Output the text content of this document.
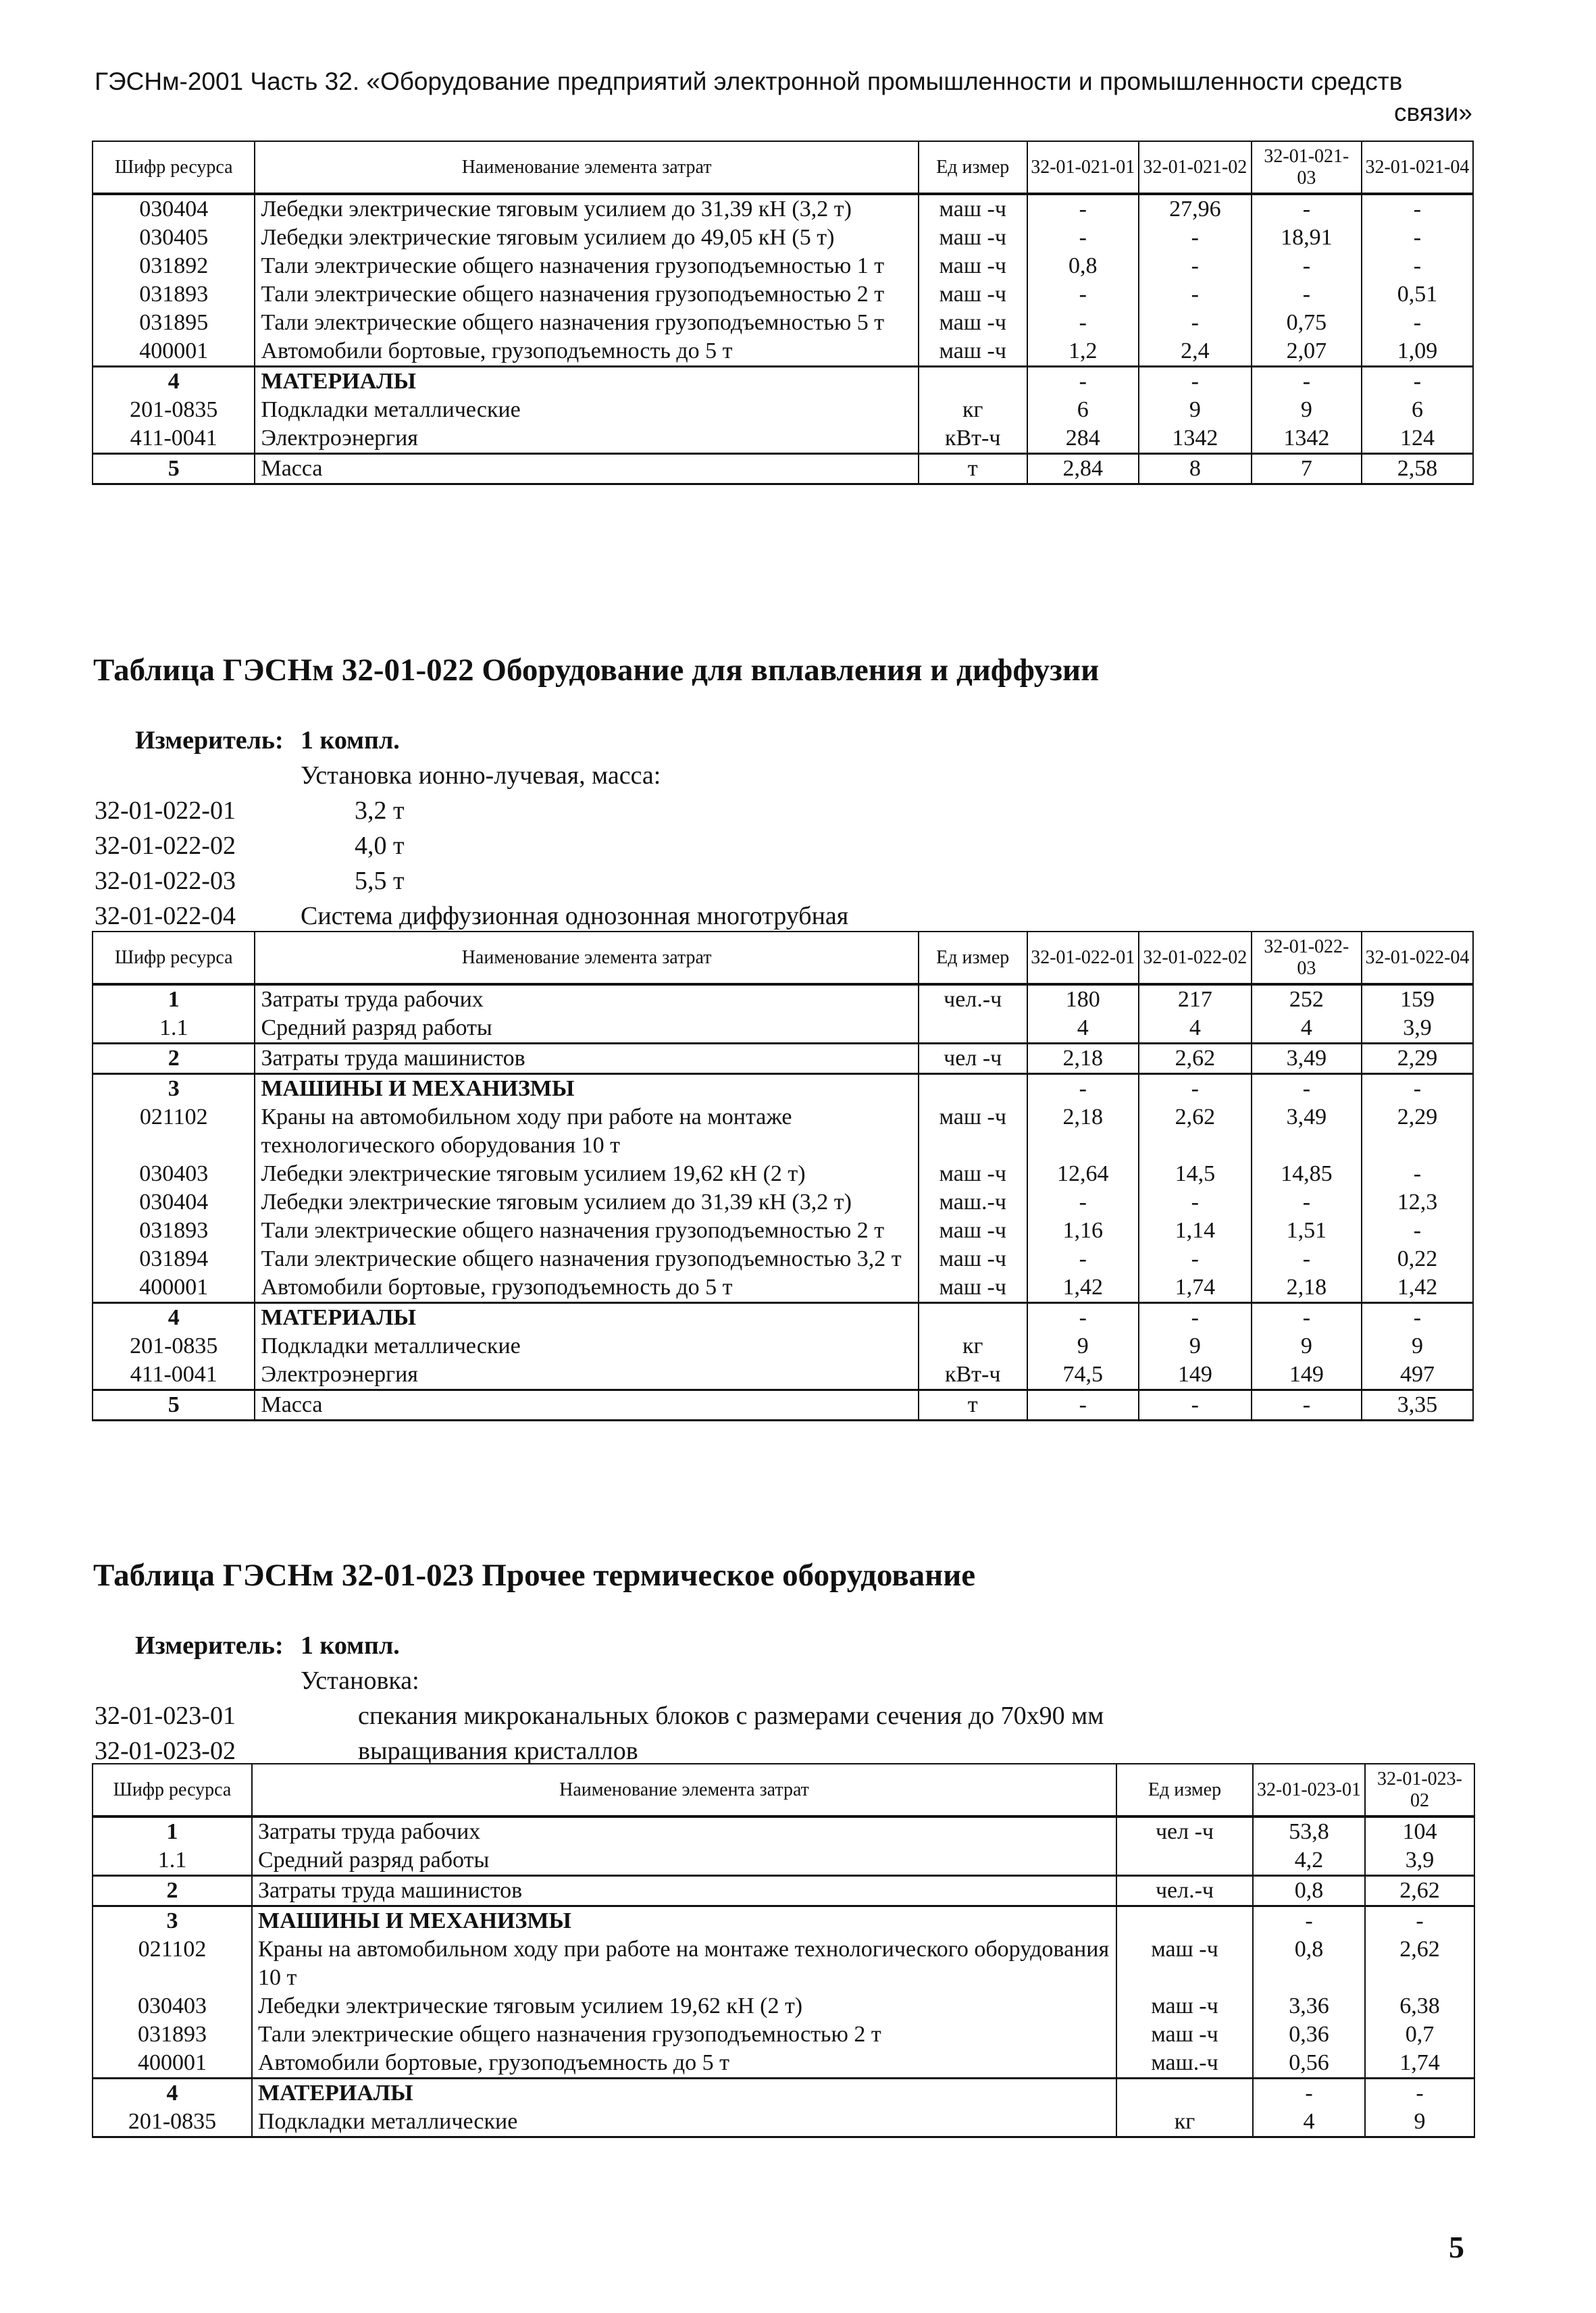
ГЭСНм-2001 Часть 32. «Оборудование предприятий электронной промышленности и промышленности средств
связи»
Шифр ресурса	Наименование элемента затрат	Ед измер	32-01-021-01	32-01-021-02	32-01-021-03	32-01-021-04
030404	Лебедки электрические тяговым усилием до 31,39 кН (3,2 т)	маш -ч	-	27,96	-	-
030405	Лебедки электрические тяговым усилием до 49,05 кН (5 т)	маш -ч	-	-	18,91	-
031892	Тали электрические общего назначения грузоподъемностью 1 т	маш -ч	0,8	-	-	-
031893	Тали электрические общего назначения грузоподъемностью 2 т	маш -ч	-	-	-	0,51
031895	Тали электрические общего назначения грузоподъемностью 5 т	маш -ч	-	-	0,75	-
400001	Автомобили бортовые, грузоподъемность до 5 т	маш -ч	1,2	2,4	2,07	1,09
4	МАТЕРИАЛЫ		-	-	-	-
201-0835	Подкладки металлические	кг	6	9	9	6
411-0041	Электроэнергия	кВт-ч	284	1342	1342	124
5	Масса	т	2,84	8	7	2,58
Таблица ГЭСНм 32-01-022 Оборудование для вплавления и диффузии
Измеритель: 1 компл.
Установка ионно-лучевая, масса:
32-01-022-01	3,2 т
32-01-022-02	4,0 т
32-01-022-03	5,5 т
32-01-022-04	Система диффузионная однозонная многотрубная
Шифр ресурса	Наименование элемента затрат	Ед измер	32-01-022-01	32-01-022-02	32-01-022-03	32-01-022-04
1	Затраты труда рабочих	чел.-ч	180	217	252	159
1.1	Средний разряд работы		4	4	4	3,9
2	Затраты труда машинистов	чел -ч	2,18	2,62	3,49	2,29
3	МАШИНЫ И МЕХАНИЗМЫ		-	-	-	-
021102	Краны на автомобильном ходу при работе на монтаже технологического оборудования 10 т	маш -ч	2,18	2,62	3,49	2,29
030403	Лебедки электрические тяговым усилием 19,62 кН (2 т)	маш -ч	12,64	14,5	14,85	-
030404	Лебедки электрические тяговым усилием до 31,39 кН (3,2 т)	маш.-ч	-	-	-	12,3
031893	Тали электрические общего назначения грузоподъемностью 2 т	маш -ч	1,16	1,14	1,51	-
031894	Тали электрические общего назначения грузоподъемностью 3,2 т	маш -ч	-	-	-	0,22
400001	Автомобили бортовые, грузоподъемность до 5 т	маш -ч	1,42	1,74	2,18	1,42
4	МАТЕРИАЛЫ		-	-	-	-
201-0835	Подкладки металлические	кг	9	9	9	9
411-0041	Электроэнергия	кВт-ч	74,5	149	149	497
5	Масса	т	-	-	-	3,35
Таблица ГЭСНм 32-01-023 Прочее термическое оборудование
Измеритель: 1 компл.
Установка:
32-01-023-01	спекания микроканальных блоков с размерами сечения до 70х90 мм
32-01-023-02	выращивания кристаллов
Шифр ресурса	Наименование элемента затрат	Ед измер	32-01-023-01	32-01-023-02
1	Затраты труда рабочих	чел -ч	53,8	104
1.1	Средний разряд работы		4,2	3,9
2	Затраты труда машинистов	чел.-ч	0,8	2,62
3	МАШИНЫ И МЕХАНИЗМЫ		-	-
021102	Краны на автомобильном ходу при работе на монтаже технологического оборудования 10 т	маш -ч	0,8	2,62
030403	Лебедки электрические тяговым усилием 19,62 кН (2 т)	маш -ч	3,36	6,38
031893	Тали электрические общего назначения грузоподъемностью 2 т	маш -ч	0,36	0,7
400001	Автомобили бортовые, грузоподъемность до 5 т	маш.-ч	0,56	1,74
4	МАТЕРИАЛЫ		-	-
201-0835	Подкладки металлические	кг	4	9
5
